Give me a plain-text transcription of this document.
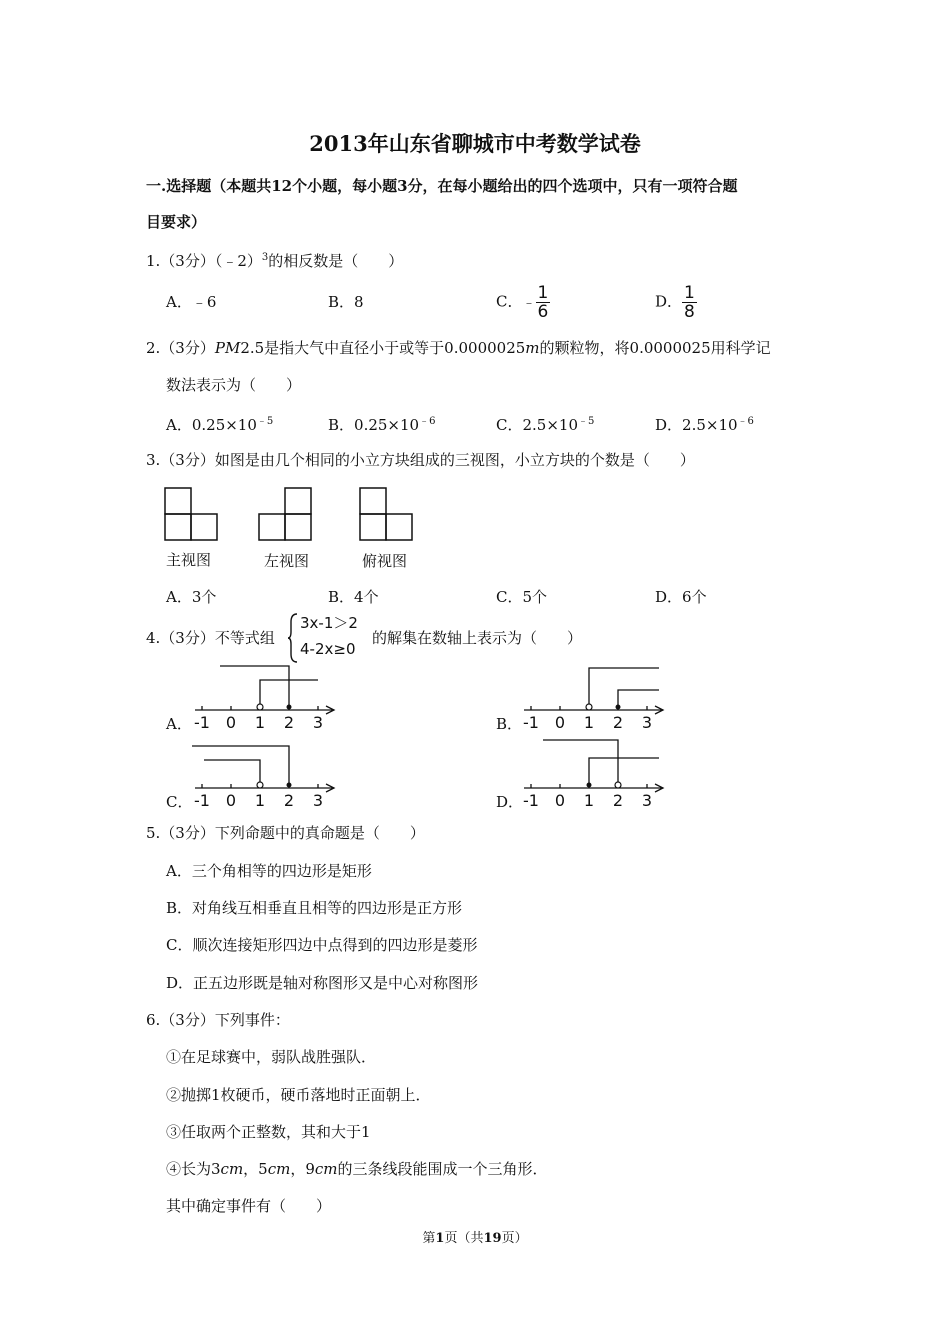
2013年山东省聊城市中考数学试卷
一.选择题（本题共12个小题，每小题3分，在每小题给出的四个选项中，只有一项符合题
目要求）
1.（3分）（﹣2）$^3$的相反数是（　　）
A．﹣6	B．8	C．﹣ $\frac{1}{6}$	D． $\frac{1}{8}$
2.（3分）PM2.5是指大气中直径小于或等于0.0000025m的颗粒物，将0.0000025用科学记
数法表示为（　　）
A．$0.25\times 10^{﹣5}$	B．$0.25\times 10^{﹣6}$	C．$2.5\times 10^{﹣5}$	D．$2.5\times 10^{﹣6}$
3.（3分）如图是由几个相同的小立方块组成的三视图，小立方块的个数是（　　）
主视图	左视图	俯视图
A．3个	B．4个	C．5个	D．6个
4.（3分）不等式组
3x-1＞2
4-2x≥0
的解集在数轴上表示为（　　）
A．	B．
C．	D．
-1 0 1 2 3	-1 0 1 2 3
-1 0 1 2 3	-1 0 1 2 3
5.（3分）下列命题中的真命题是（　　）
A．三个角相等的四边形是矩形
B．对角线互相垂直且相等的四边形是正方形
C．顺次连接矩形四边中点得到的四边形是菱形
D．正五边形既是轴对称图形又是中心对称图形
6.（3分）下列事件：
①在足球赛中，弱队战胜强队．
②抛掷1枚硬币，硬币落地时正面朝上．
③任取两个正整数，其和大于1
④长为3cm，5cm，9cm的三条线段能围成一个三角形．
其中确定事件有（　　）
第1页（共19页）
